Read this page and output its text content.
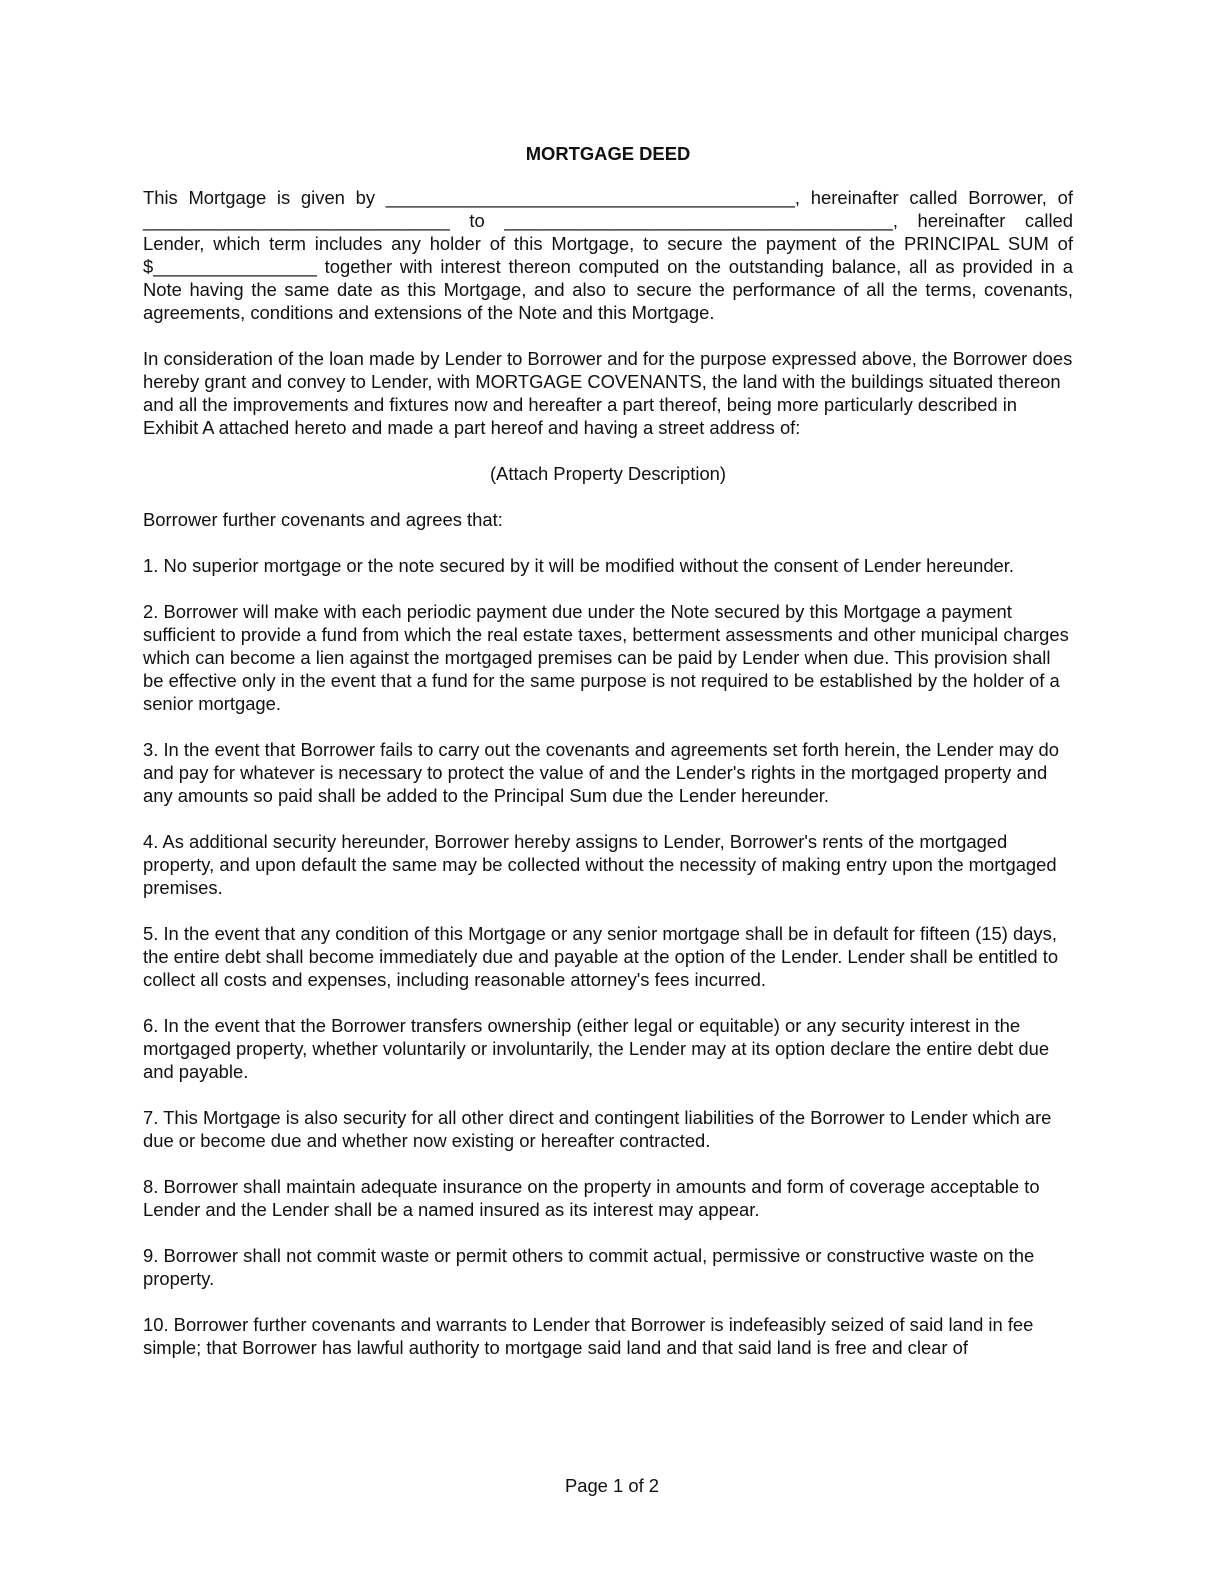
MORTGAGE DEED
This Mortgage is given by ________________________________________, hereinafter called Borrower, of ______________________________ to ______________________________________, hereinafter called Lender, which term includes any holder of this Mortgage, to secure the payment of the PRINCIPAL SUM of $________________ together with interest thereon computed on the outstanding balance, all as provided in a Note having the same date as this Mortgage, and also to secure the performance of all the terms, covenants, agreements, conditions and extensions of the Note and this Mortgage.
In consideration of the loan made by Lender to Borrower and for the purpose expressed above, the Borrower does hereby grant and convey to Lender, with MORTGAGE COVENANTS, the land with the buildings situated thereon and all the improvements and fixtures now and hereafter a part thereof, being more particularly described in Exhibit A attached hereto and made a part hereof and having a street address of:
(Attach Property Description)
Borrower further covenants and agrees that:
1. No superior mortgage or the note secured by it will be modified without the consent of Lender hereunder.
2. Borrower will make with each periodic payment due under the Note secured by this Mortgage a payment sufficient to provide a fund from which the real estate taxes, betterment assessments and other municipal charges which can become a lien against the mortgaged premises can be paid by Lender when due. This provision shall be effective only in the event that a fund for the same purpose is not required to be established by the holder of a senior mortgage.
3. In the event that Borrower fails to carry out the covenants and agreements set forth herein, the Lender may do and pay for whatever is necessary to protect the value of and the Lender's rights in the mortgaged property and any amounts so paid shall be added to the Principal Sum due the Lender hereunder.
4. As additional security hereunder, Borrower hereby assigns to Lender, Borrower's rents of the mortgaged property, and upon default the same may be collected without the necessity of making entry upon the mortgaged premises.
5. In the event that any condition of this Mortgage or any senior mortgage shall be in default for fifteen (15) days, the entire debt shall become immediately due and payable at the option of the Lender. Lender shall be entitled to collect all costs and expenses, including reasonable attorney's fees incurred.
6. In the event that the Borrower transfers ownership (either legal or equitable) or any security interest in the mortgaged property, whether voluntarily or involuntarily, the Lender may at its option declare the entire debt due and payable.
7. This Mortgage is also security for all other direct and contingent liabilities of the Borrower to Lender which are due or become due and whether now existing or hereafter contracted.
8. Borrower shall maintain adequate insurance on the property in amounts and form of coverage acceptable to Lender and the Lender shall be a named insured as its interest may appear.
9. Borrower shall not commit waste or permit others to commit actual, permissive or constructive waste on the property.
10. Borrower further covenants and warrants to Lender that Borrower is indefeasibly seized of said land in fee simple; that Borrower has lawful authority to mortgage said land and that said land is free and clear of
Page 1 of 2
